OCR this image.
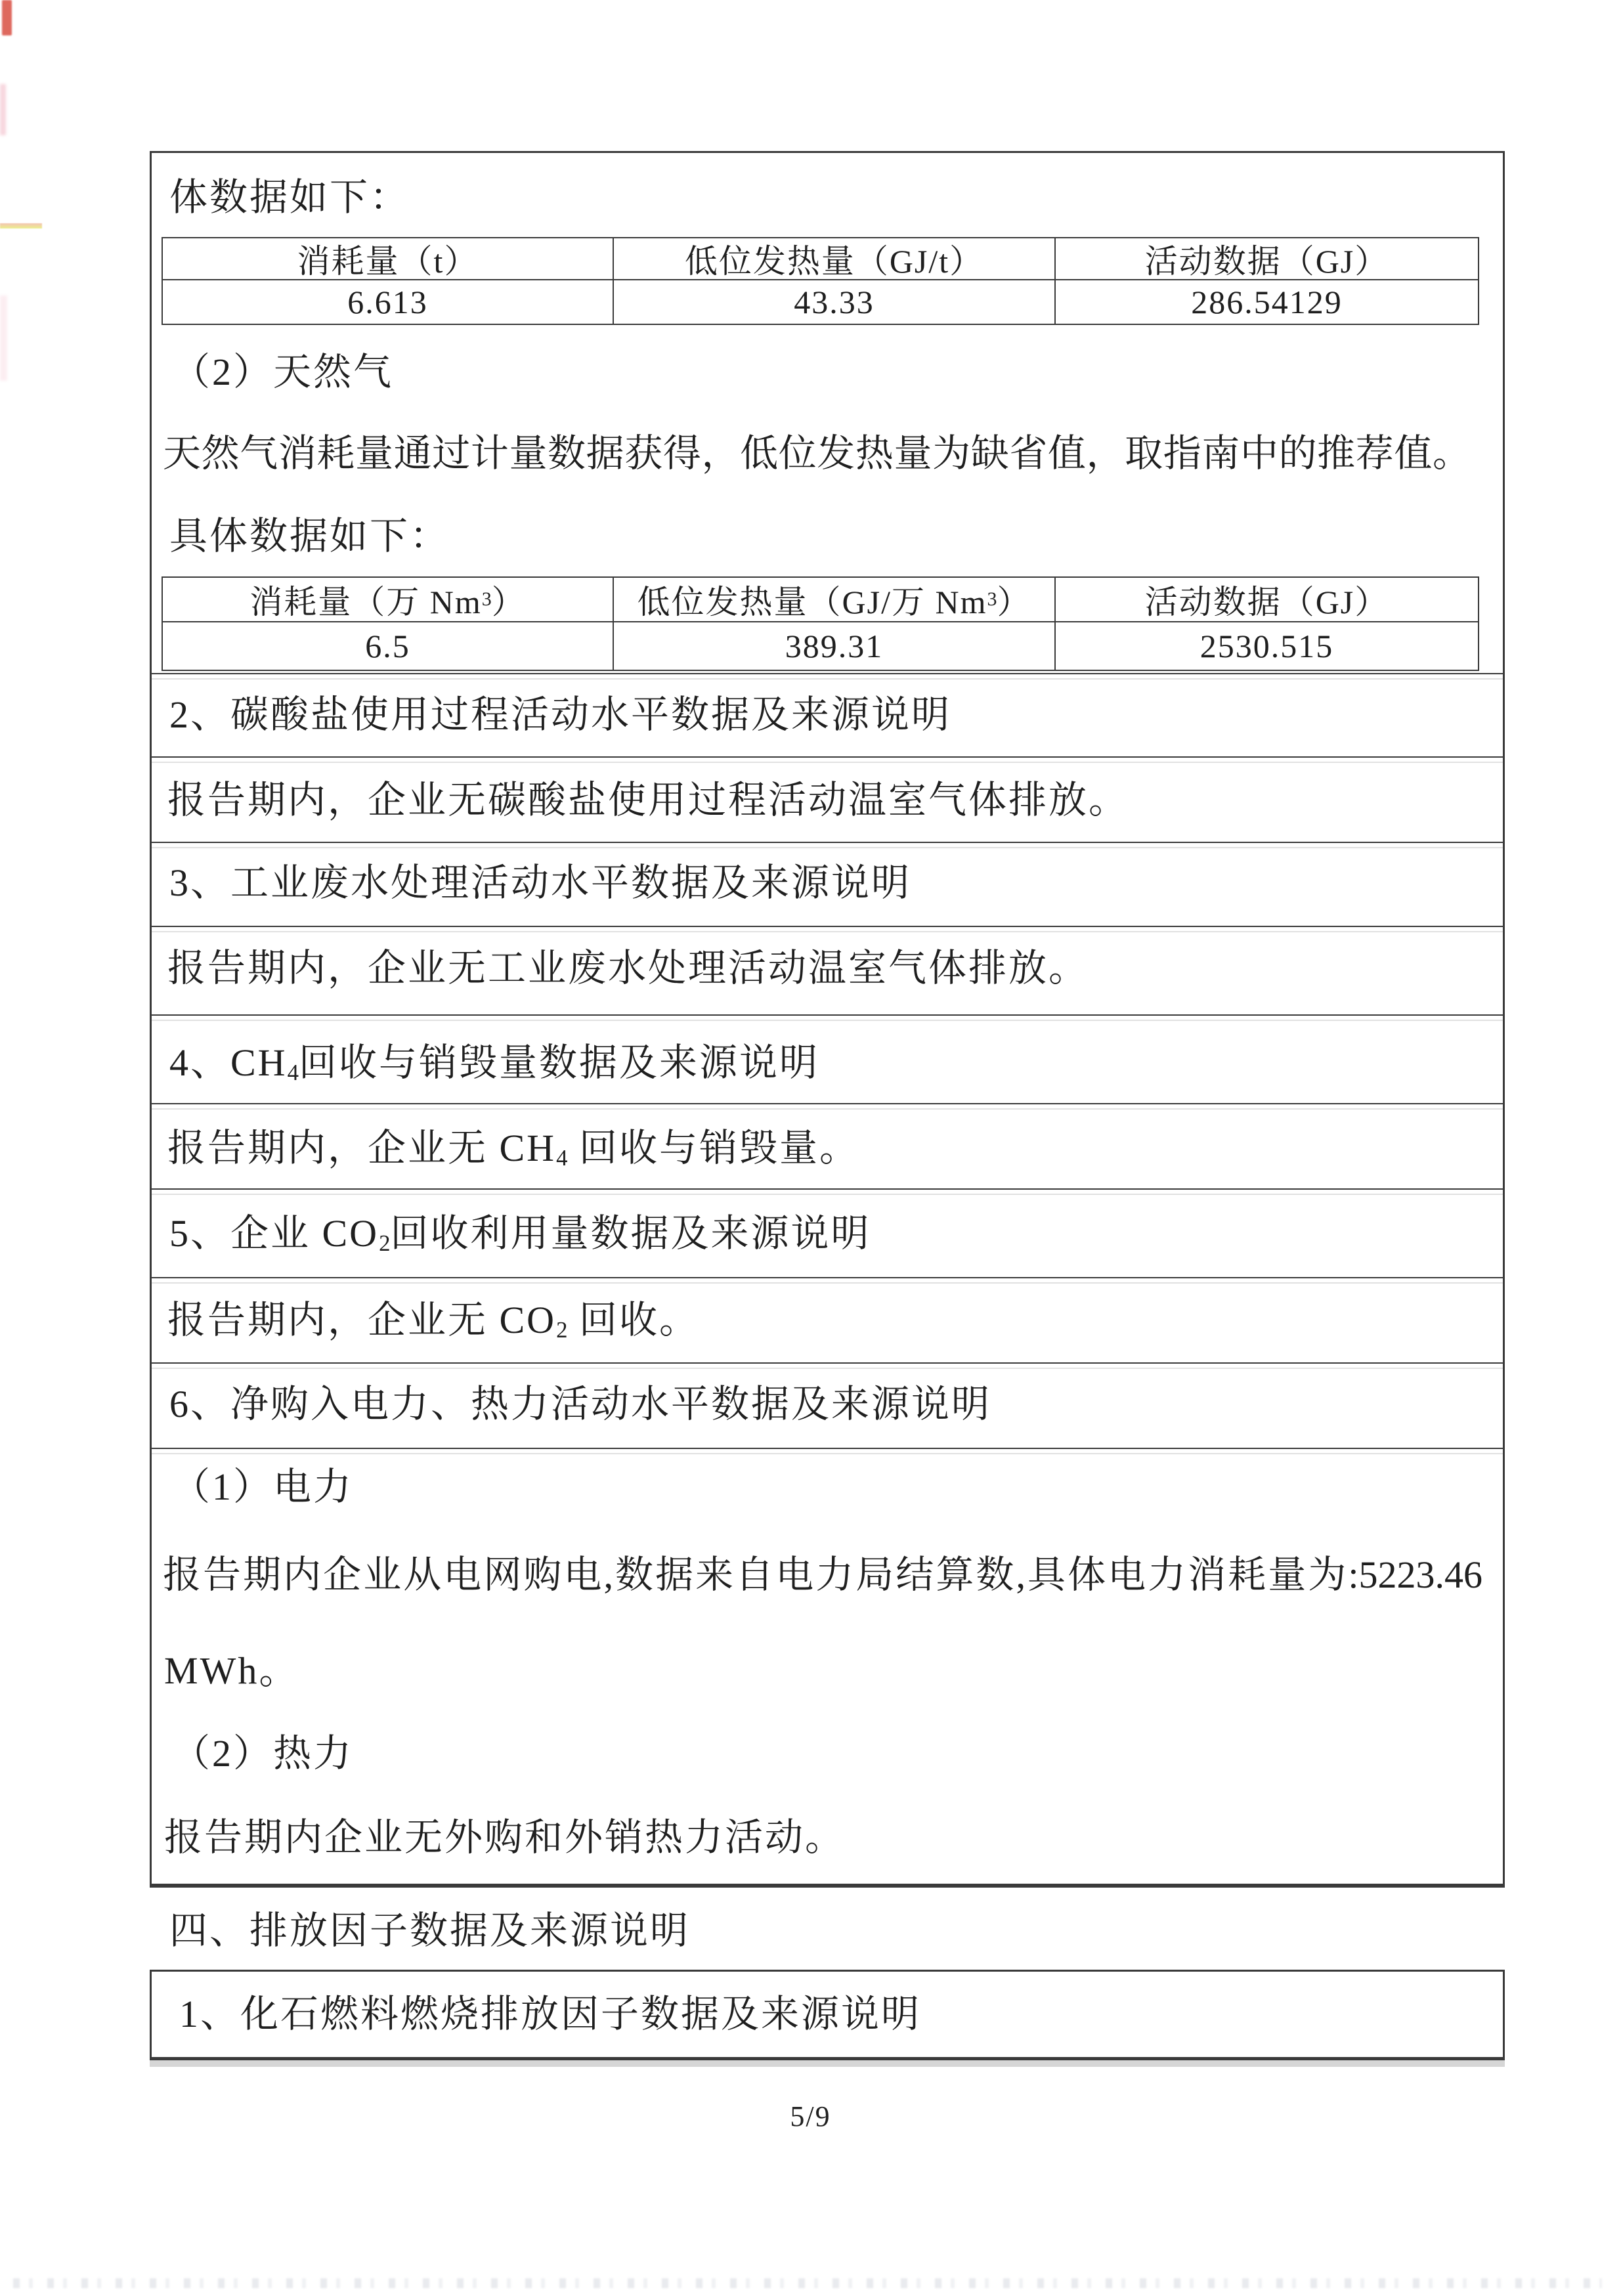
体数据如下：
消耗量（t）	低位发热量（GJ/t）	活动数据（GJ）
6.613	43.33	286.54129
（2）天然气
天然气消耗量通过计量数据获得，低位发热量为缺省值，取指南中的推荐值。
具体数据如下：
消耗量（万 Nm 3 ）	低位发热量（GJ/万 Nm 3 ）	活动数据（GJ）
6.5	389.31	2530.515
2、碳酸盐使用过程活动水平数据及来源说明
报告期内，企业无碳酸盐使用过程活动温室气体排放。
3、工业废水处理活动水平数据及来源说明
报告期内，企业无工业废水处理活动温室气体排放。
4、$CH_4$回收与销毁量数据及来源说明
报告期内，企业无 $CH_4$ 回收与销毁量。
5、企业 $CO_2$回收利用量数据及来源说明
报告期内，企业无 $CO_2$ 回收。
6、净购入电力、热力活动水平数据及来源说明
（1）电力
报告期内企业从电网购电,数据来自电力局结算数,具体电力消耗量为:5223.46
MWh。
（2）热力
报告期内企业无外购和外销热力活动。
四、排放因子数据及来源说明
1、化石燃料燃烧排放因子数据及来源说明
5/9
